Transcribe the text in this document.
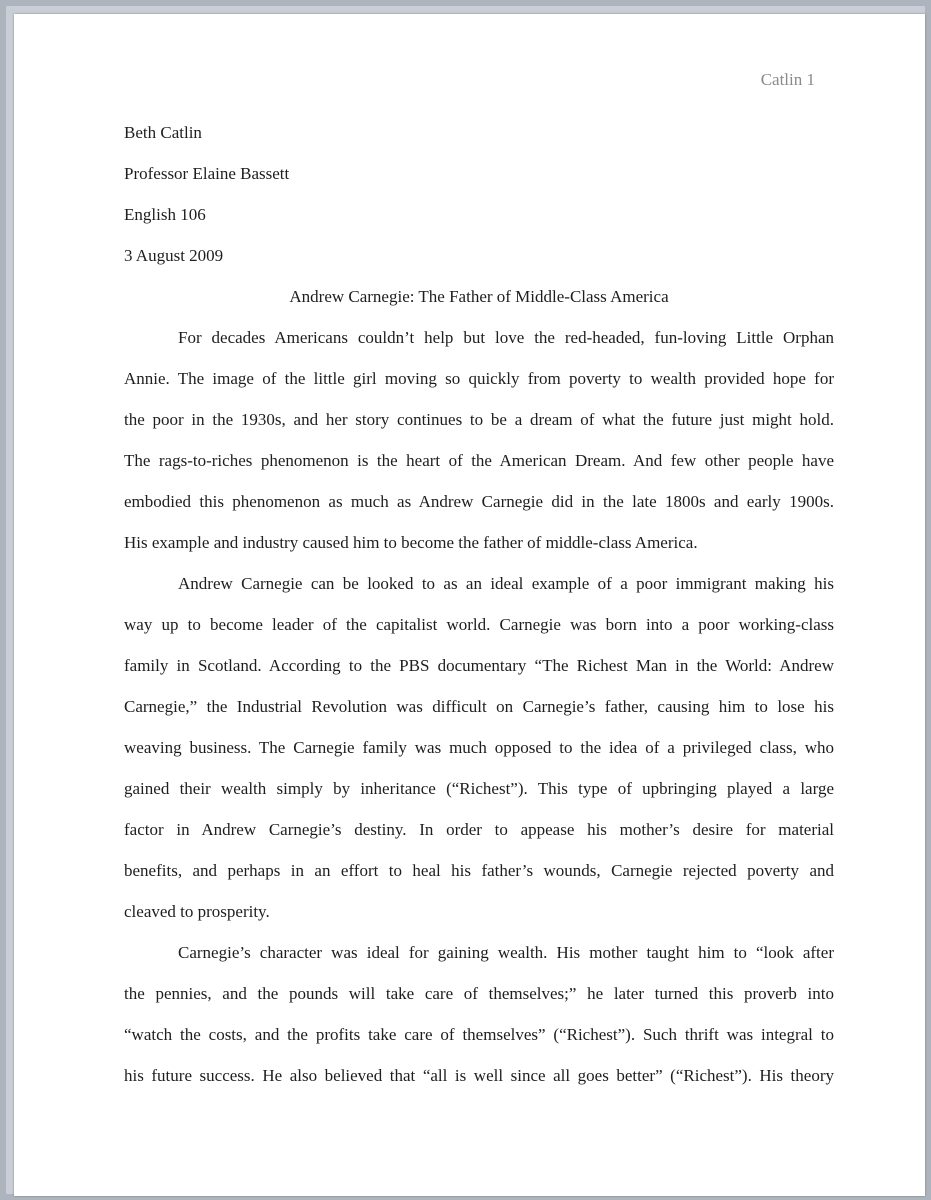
Catlin 1
Beth Catlin
Professor Elaine Bassett
English 106
3 August 2009
Andrew Carnegie: The Father of Middle-Class America
For decades Americans couldn’t help but love the red-headed, fun-loving Little Orphan
Annie. The image of the little girl moving so quickly from poverty to wealth provided hope for
the poor in the 1930s, and her story continues to be a dream of what the future just might hold.
The rags-to-riches phenomenon is the heart of the American Dream. And few other people have
embodied this phenomenon as much as Andrew Carnegie did in the late 1800s and early 1900s.
His example and industry caused him to become the father of middle-class America.
Andrew Carnegie can be looked to as an ideal example of a poor immigrant making his
way up to become leader of the capitalist world. Carnegie was born into a poor working-class
family in Scotland. According to the PBS documentary “The Richest Man in the World: Andrew
Carnegie,” the Industrial Revolution was difficult on Carnegie’s father, causing him to lose his
weaving business. The Carnegie family was much opposed to the idea of a privileged class, who
gained their wealth simply by inheritance (“Richest”). This type of upbringing played a large
factor in Andrew Carnegie’s destiny. In order to appease his mother’s desire for material
benefits, and perhaps in an effort to heal his father’s wounds, Carnegie rejected poverty and
cleaved to prosperity.
Carnegie’s character was ideal for gaining wealth. His mother taught him to “look after
the pennies, and the pounds will take care of themselves;” he later turned this proverb into
“watch the costs, and the profits take care of themselves” (“Richest”). Such thrift was integral to
his future success. He also believed that “all is well since all goes better” (“Richest”). His theory
